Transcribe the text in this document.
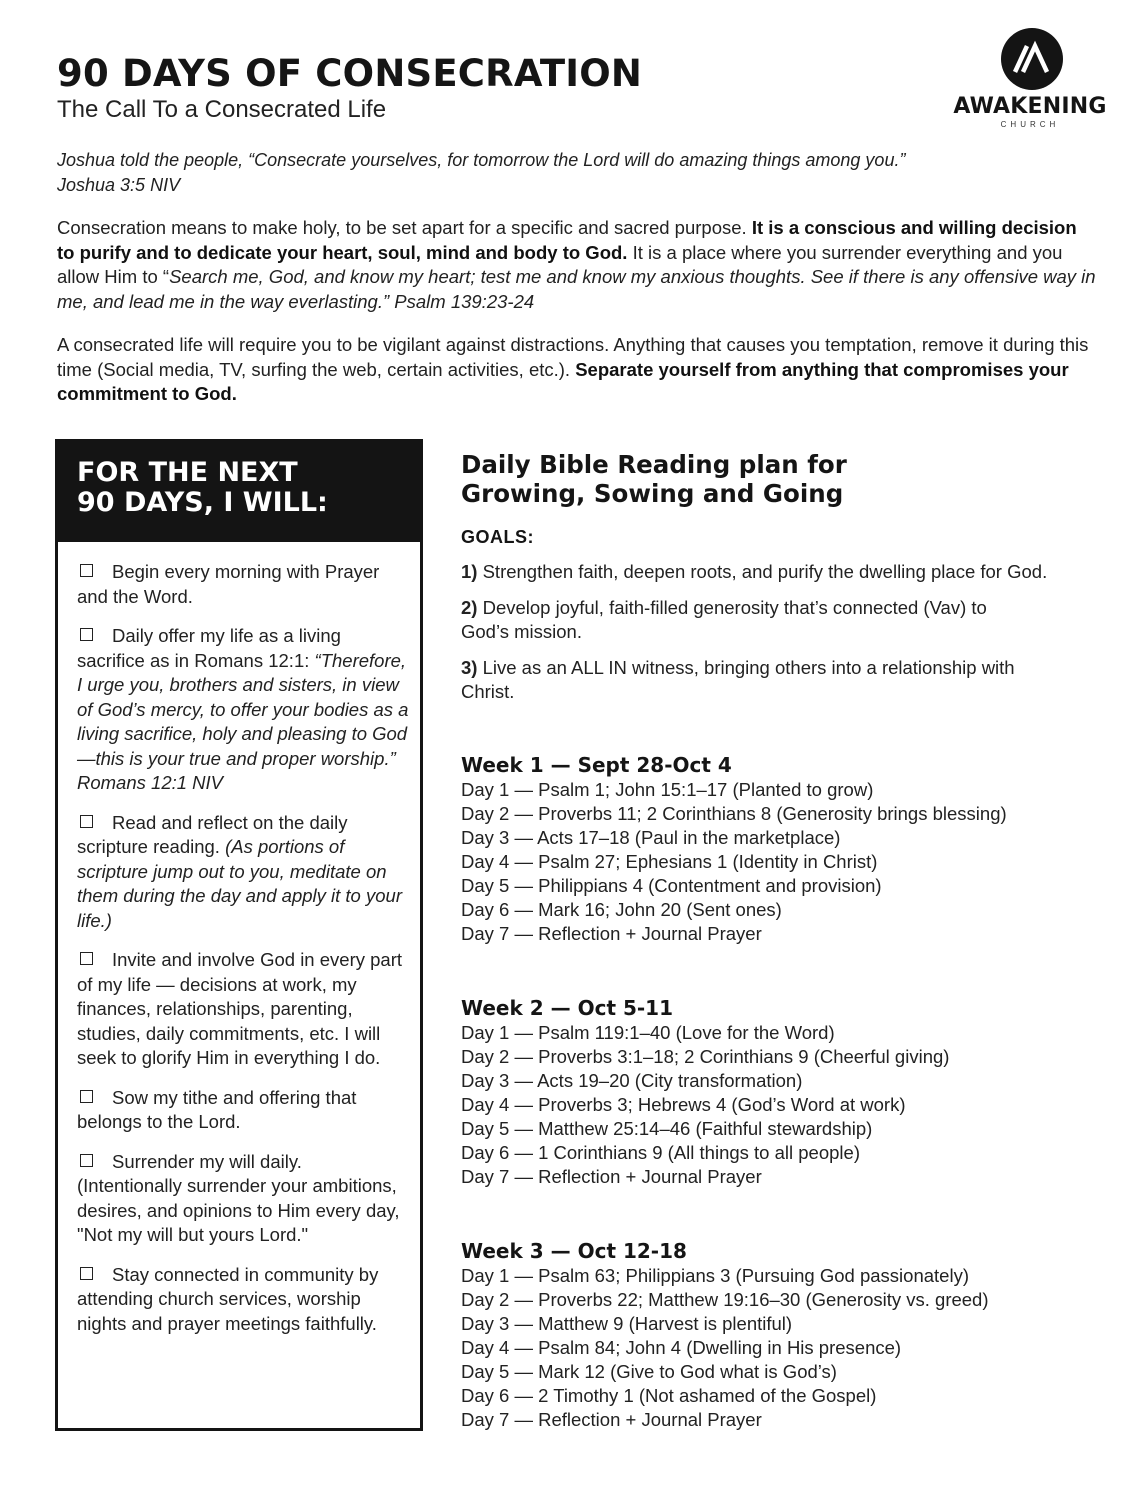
90 DAYS OF CONSECRATION
The Call To a Consecrated Life	AWAKENING
CHURCH
Joshua told the people, “Consecrate yourselves, for tomorrow the Lord will do amazing things among you.”
Joshua 3:5 NIV
Consecration means to make holy, to be set apart for a specific and sacred purpose. It is a conscious and willing decision to purify and to dedicate your heart, soul, mind and body to God. It is a place where you surrender everything and you allow Him to “Search me, God, and know my heart; test me and know my anxious thoughts. See if there is any offensive way in me, and lead me in the way everlasting.” Psalm 139:23-24
A consecrated life will require you to be vigilant against distractions. Anything that causes you temptation, remove it during this time (Social media, TV, surfing the web, certain activities, etc.). Separate yourself from anything that compromises your commitment to God.
FOR THE NEXT
90 DAYS, I WILL:
Begin every morning with Prayer and the Word.
Daily offer my life as a living sacrifice as in Romans 12:1: “Therefore, I urge you, brothers and sisters, in view of God’s mercy, to offer your bodies as a living sacrifice, holy and pleasing to God—this is your true and proper worship.” Romans 12:1 NIV
Read and reflect on the daily scripture reading. (As portions of scripture jump out to you, meditate on them during the day and apply it to your life.)
Invite and involve God in every part of my life — decisions at work, my finances, relationships, parenting, studies, daily commitments, etc. I will seek to glorify Him in everything I do.
Sow my tithe and offering that belongs to the Lord.
Surrender my will daily. (Intentionally surrender your ambitions, desires, and opinions to Him every day, "Not my will but yours Lord."
Stay connected in community by attending church services, worship nights and prayer meetings faithfully.
Daily Bible Reading plan for
Growing, Sowing and Going
GOALS:
1) Strengthen faith, deepen roots, and purify the dwelling place for God.
2) Develop joyful, faith-filled generosity that’s connected (Vav) to God’s mission.
3) Live as an ALL IN witness, bringing others into a relationship with Christ.
Week 1 — Sept 28-Oct 4
Day 1 — Psalm 1; John 15:1–17 (Planted to grow)
Day 2 — Proverbs 11; 2 Corinthians 8 (Generosity brings blessing)
Day 3 — Acts 17–18 (Paul in the marketplace)
Day 4 — Psalm 27; Ephesians 1 (Identity in Christ)
Day 5 — Philippians 4 (Contentment and provision)
Day 6 — Mark 16; John 20 (Sent ones)
Day 7 — Reflection + Journal Prayer
Week 2 — Oct 5-11
Day 1 — Psalm 119:1–40 (Love for the Word)
Day 2 — Proverbs 3:1–18; 2 Corinthians 9 (Cheerful giving)
Day 3 — Acts 19–20 (City transformation)
Day 4 — Proverbs 3; Hebrews 4 (God’s Word at work)
Day 5 — Matthew 25:14–46 (Faithful stewardship)
Day 6 — 1 Corinthians 9 (All things to all people)
Day 7 — Reflection + Journal Prayer
Week 3 — Oct 12-18
Day 1 — Psalm 63; Philippians 3 (Pursuing God passionately)
Day 2 — Proverbs 22; Matthew 19:16–30 (Generosity vs. greed)
Day 3 — Matthew 9 (Harvest is plentiful)
Day 4 — Psalm 84; John 4 (Dwelling in His presence)
Day 5 — Mark 12 (Give to God what is God’s)
Day 6 — 2 Timothy 1 (Not ashamed of the Gospel)
Day 7 — Reflection + Journal Prayer
